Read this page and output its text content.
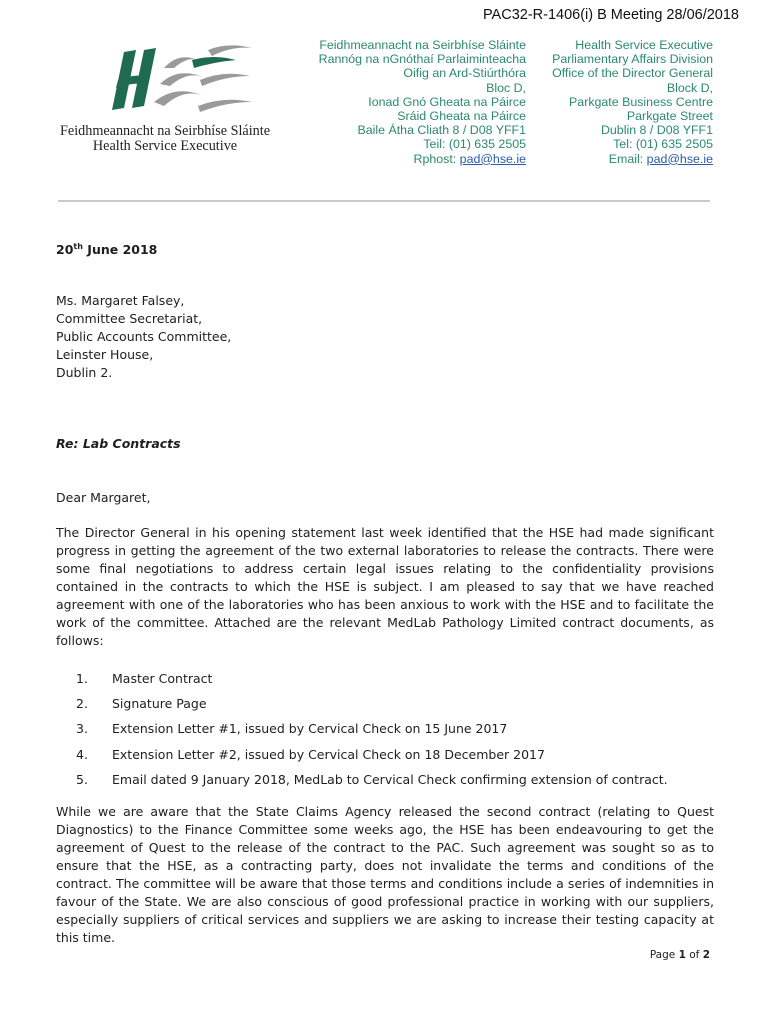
PAC32-R-1406(i) B Meeting 28/06/2018
Feidhmeannacht na Seirbhíse Sláinte
Health Service Executive
Feidhmeannacht na Seirbhíse Sláinte
Rannóg na nGnóthaí Parlaiminteacha
Oifig an Ard-Stiúrthóra
Bloc D,
Ionad Gnó Gheata na Páirce
Sráid Gheata na Páirce
Baile Átha Cliath 8 / D08 YFF1
Teil: (01) 635 2505
Rphost: pad@hse.ie
Health Service Executive
Parliamentary Affairs Division
Office of the Director General
Block D,
Parkgate Business Centre
Parkgate Street
Dublin 8 / D08 YFF1
Tel: (01) 635 2505
Email: pad@hse.ie
20th June 2018
Ms. Margaret Falsey,
Committee Secretariat,
Public Accounts Committee,
Leinster House,
Dublin 2.
Re: Lab Contracts
Dear Margaret,
The Director General in his opening statement last week identified that the HSE had made significant progress in getting the agreement of the two external laboratories to release the contracts. There were some final negotiations to address certain legal issues relating to the confidentiality provisions contained in the contracts to which the HSE is subject. I am pleased to say that we have reached agreement with one of the laboratories who has been anxious to work with the HSE and to facilitate the work of the committee. Attached are the relevant MedLab Pathology Limited contract documents, as follows:
1.	Master Contract
2.	Signature Page
3.	Extension Letter #1, issued by Cervical Check on 15 June 2017
4.	Extension Letter #2, issued by Cervical Check on 18 December 2017
5.	Email dated 9 January 2018, MedLab to Cervical Check confirming extension of contract.
While we are aware that the State Claims Agency released the second contract (relating to Quest Diagnostics) to the Finance Committee some weeks ago, the HSE has been endeavouring to get the agreement of Quest to the release of the contract to the PAC. Such agreement was sought so as to ensure that the HSE, as a contracting party, does not invalidate the terms and conditions of the contract. The committee will be aware that those terms and conditions include a series of indemnities in favour of the State. We are also conscious of good professional practice in working with our suppliers, especially suppliers of critical services and suppliers we are asking to increase their testing capacity at this time.
Page 1 of 2
